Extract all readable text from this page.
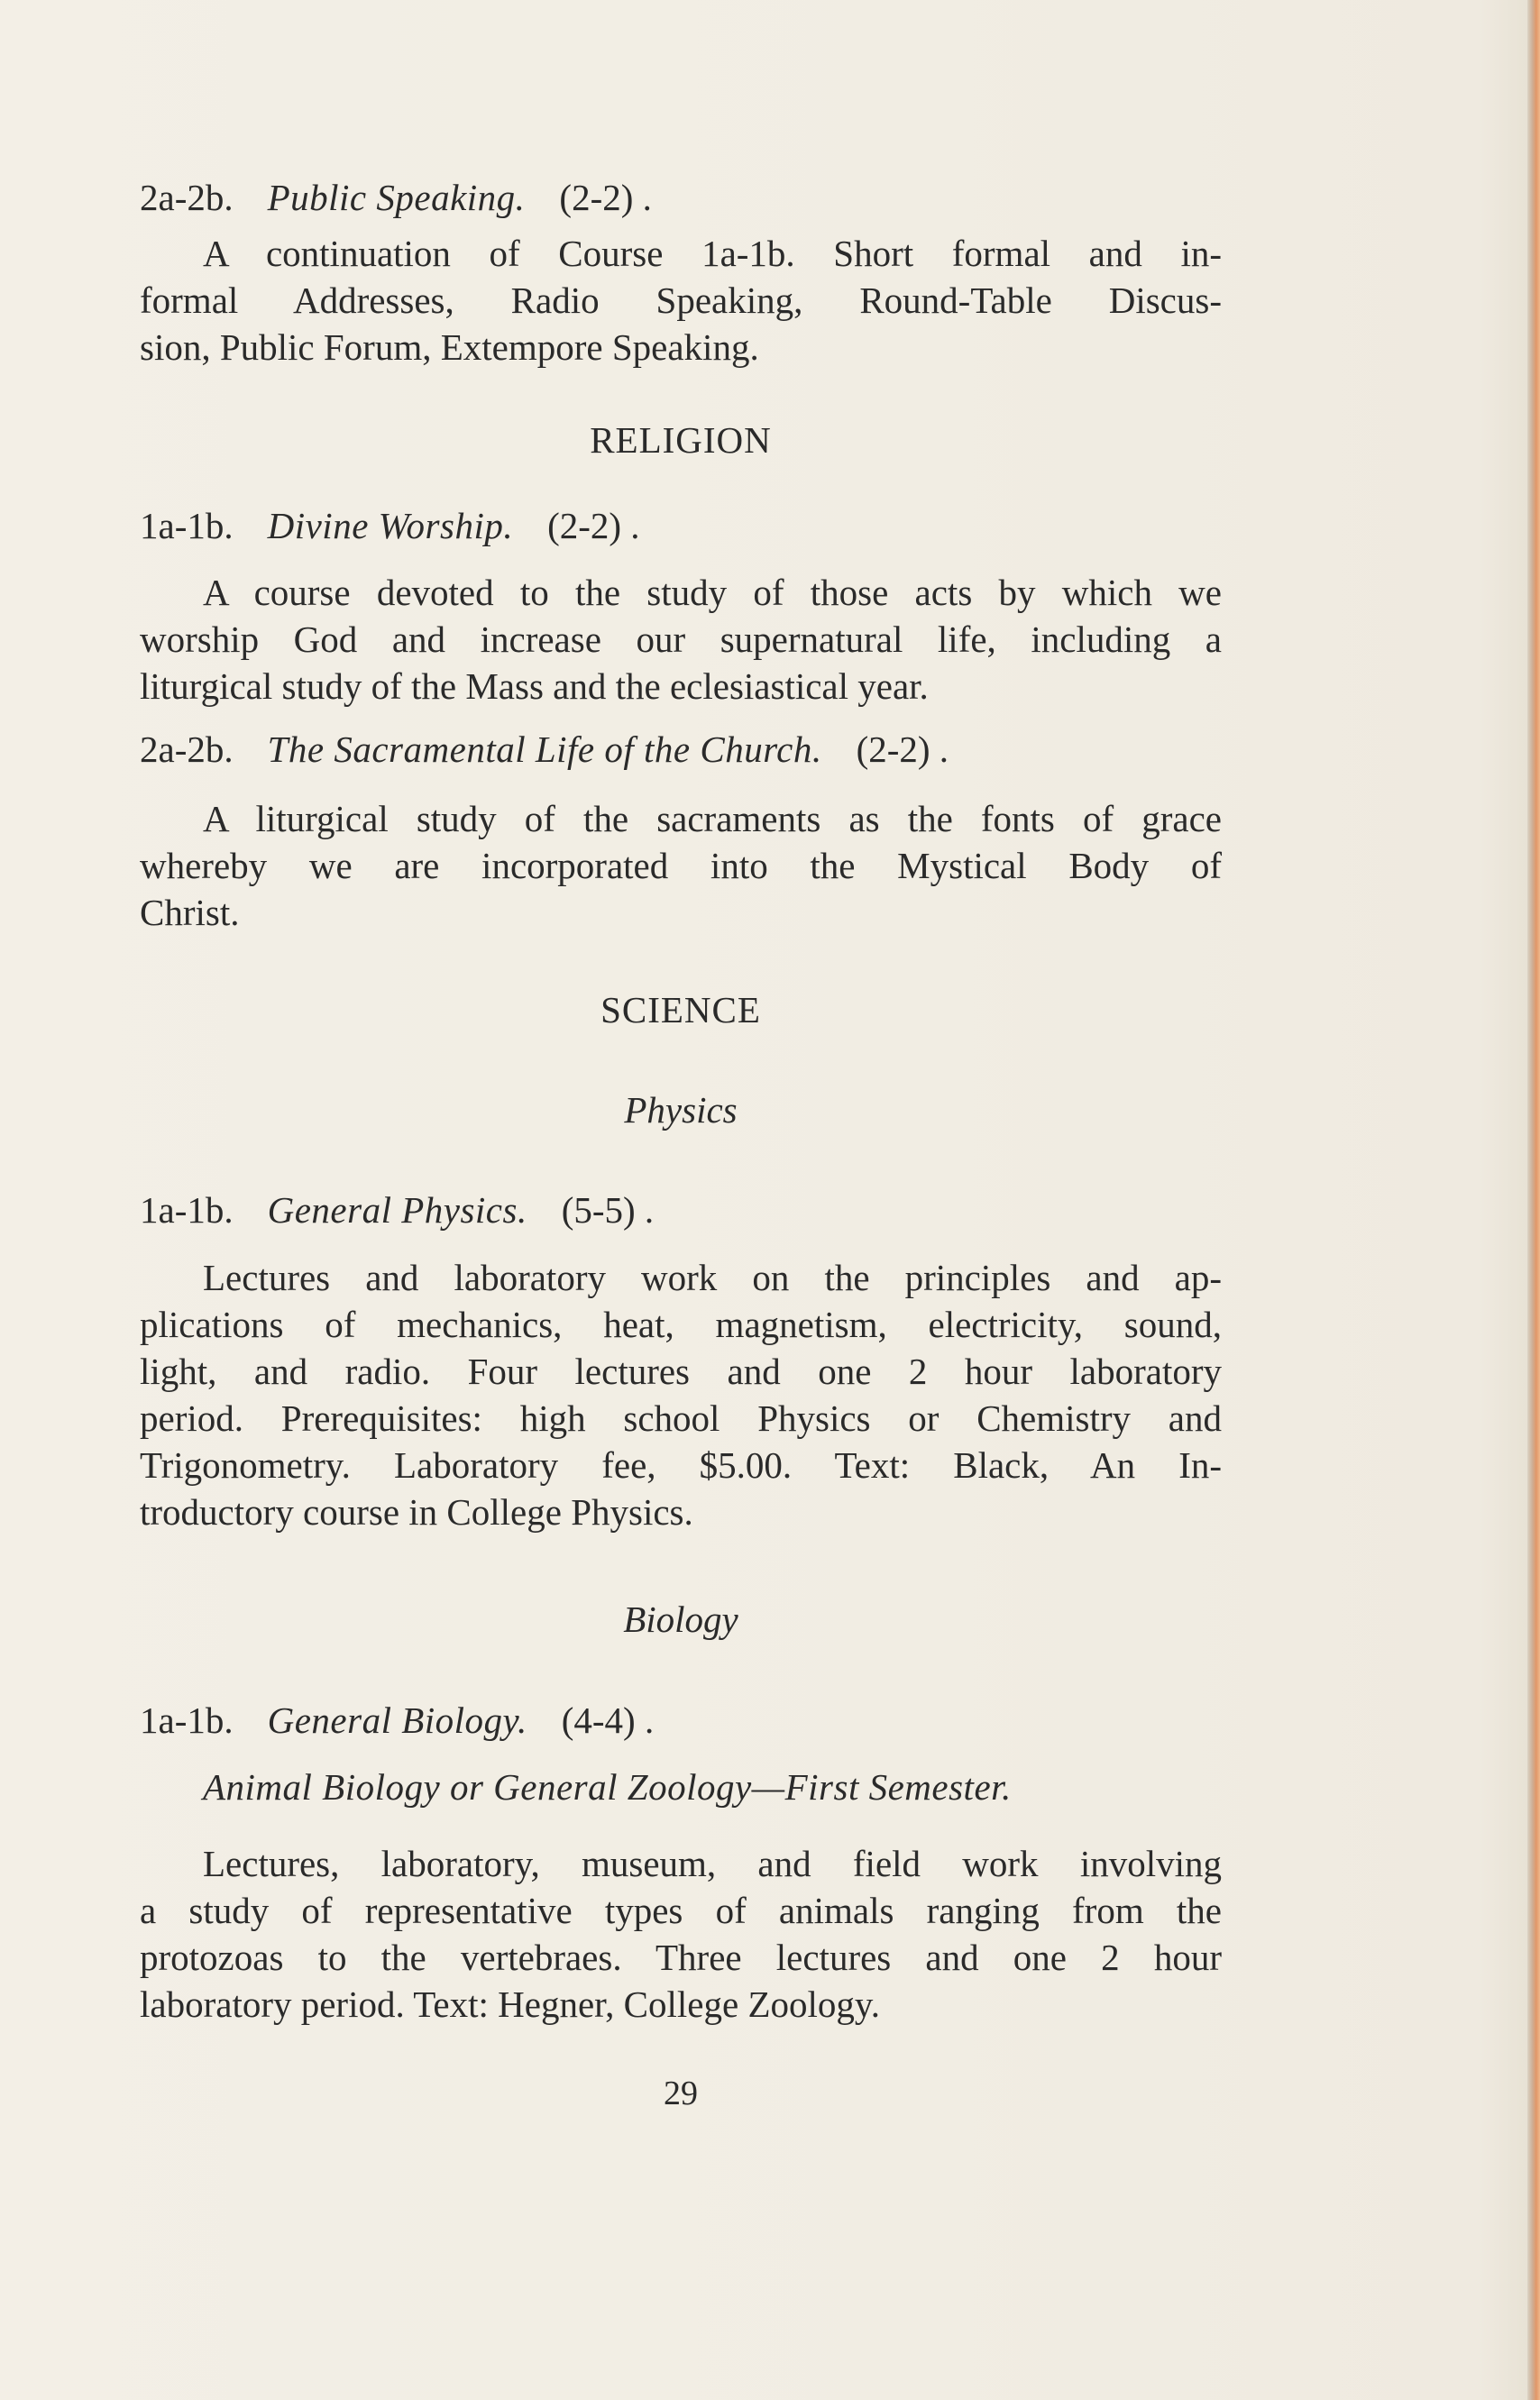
2a-2b. Public Speaking. (2-2) .
A continuation of Course 1a-1b. Short formal and in-
formal Addresses, Radio Speaking, Round-Table Discus-
sion, Public Forum, Extempore Speaking.
RELIGION
1a-1b. Divine Worship. (2-2) .
A course devoted to the study of those acts by which we
worship God and increase our supernatural life, including a
liturgical study of the Mass and the eclesiastical year.
2a-2b. The Sacramental Life of the Church. (2-2) .
A liturgical study of the sacraments as the fonts of grace
whereby we are incorporated into the Mystical Body of
Christ.
SCIENCE
Physics
1a-1b. General Physics. (5-5) .
Lectures and laboratory work on the principles and ap-
plications of mechanics, heat, magnetism, electricity, sound,
light, and radio. Four lectures and one 2 hour laboratory
period. Prerequisites: high school Physics or Chemistry and
Trigonometry. Laboratory fee, $5.00. Text: Black, An In-
troductory course in College Physics.
Biology
1a-1b. General Biology. (4-4) .
Animal Biology or General Zoology—First Semester.
Lectures, laboratory, museum, and field work involving
a study of representative types of animals ranging from the
protozoas to the vertebraes. Three lectures and one 2 hour
laboratory period. Text: Hegner, College Zoology.
29
